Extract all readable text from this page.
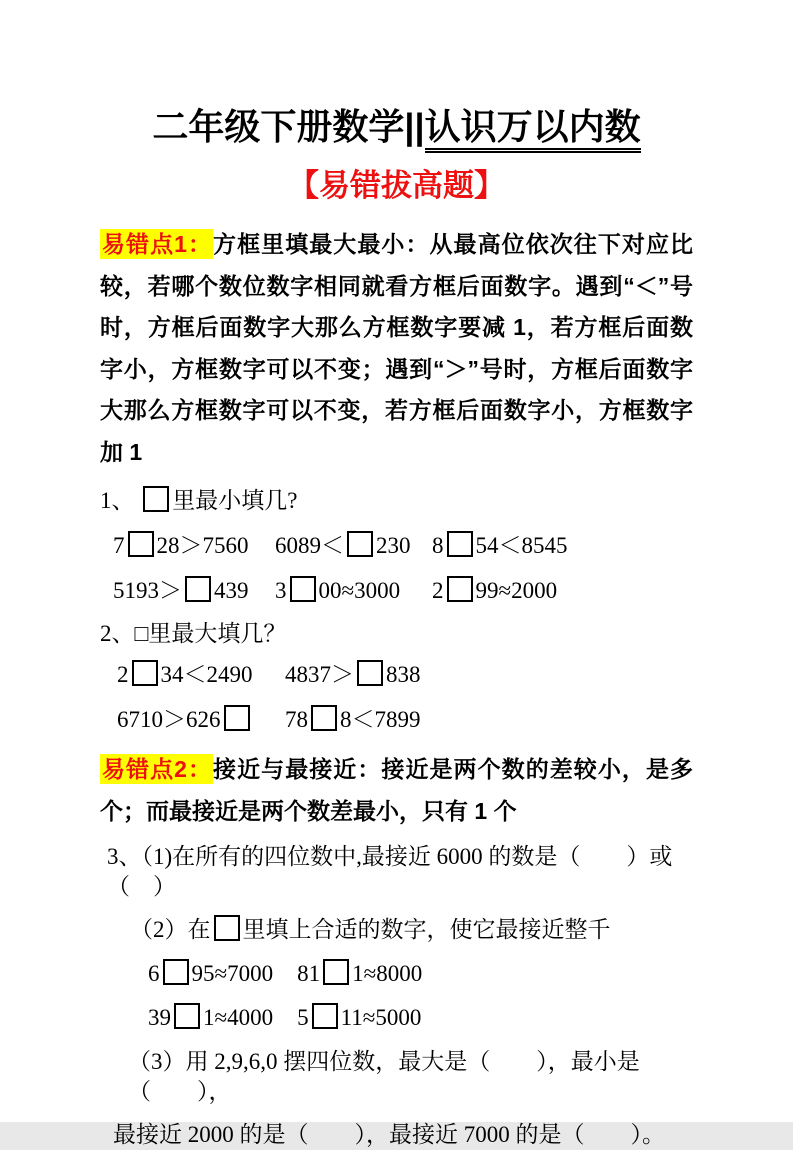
二年级下册数学||认识万以内数
【易错拔高题】

易错点1：方框里填最大最小：从最高位依次往下对应比较，若哪个数位数字相同就看方框后面数字。遇到“＜”号时，方框后面数字大那么方框数字要减 1，若方框后面数字小，方框数字可以不变；遇到“＞”号时，方框后面数字大那么方框数字可以不变，若方框后面数字小，方框数字加 1

1、 里最小填几?
7 28＞7560	6089＜ 230 8 54＜8545
5193＞ 439	3 00≈3000	2 99≈2000
2、□里最大填几？
2 34＜2490	4837＞ 838
6710＞626	78 8＜7899

易错点2：接近与最接近：接近是两个数的差较小，是多个；而最接近是两个数差最小，只有 1 个

3、（1)在所有的四位数中,最接近 6000 的数是（　　）或（　）
（2）在 里填上合适的数字，使它最接近整千
6 95≈7000 81 1≈8000
39 1≈4000 5 11≈5000
（3）用 2,9,6,0 摆四位数，最大是（　　），最小是（　　），
最接近 2000 的是（　　），最接近 7000 的是（　　）。
